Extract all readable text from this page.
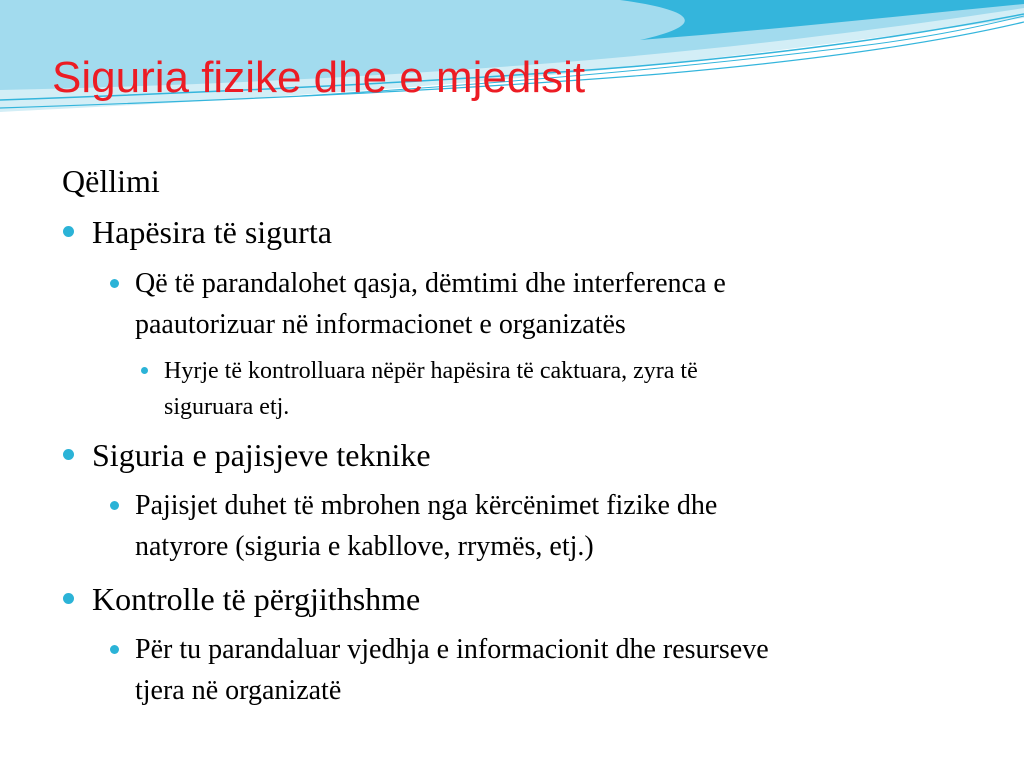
Siguria fizike dhe e mjedisit
Qëllimi
Hapësira të sigurta
Që të parandalohet qasja, dëmtimi dhe interferenca e
paautorizuar në informacionet e organizatës
Hyrje të kontrolluara nëpër hapësira të caktuara, zyra të
siguruara etj.
Siguria e pajisjeve teknike
Pajisjet duhet të mbrohen nga kërcënimet fizike dhe
natyrore (siguria e kabllove, rrymës, etj.)
Kontrolle të përgjithshme
Për tu parandaluar vjedhja e informacionit dhe resurseve
tjera në organizatë
